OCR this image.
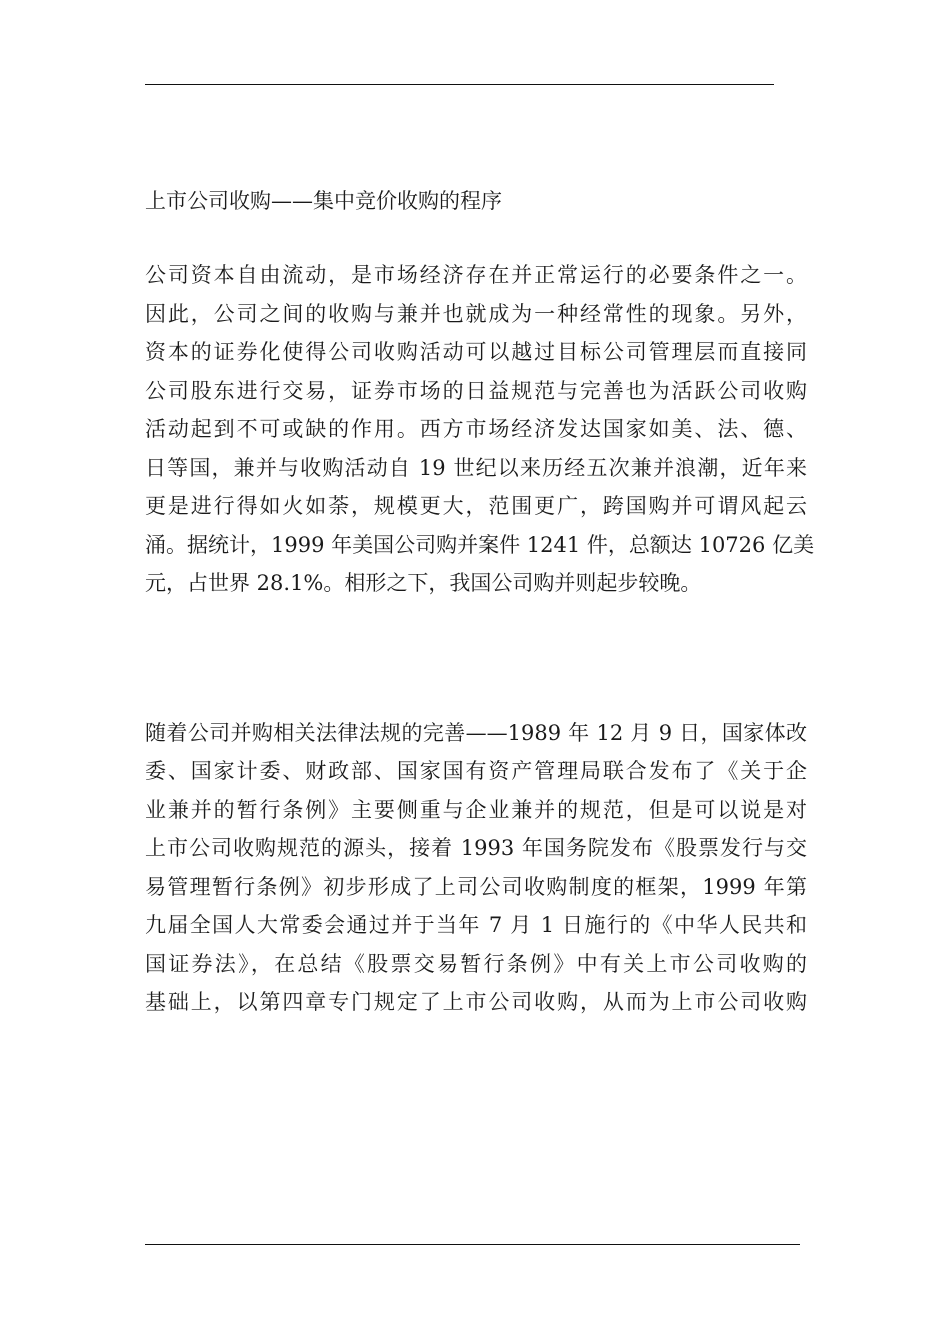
上市公司收购——集中竞价收购的程序
公司资本自由流动，是市场经济存在并正常运行的必要条件之一。
因此，公司之间的收购与兼并也就成为一种经常性的现象。另外，
资本的证券化使得公司收购活动可以越过目标公司管理层而直接同
公司股东进行交易，证券市场的日益规范与完善也为活跃公司收购
活动起到不可或缺的作用。西方市场经济发达国家如美、法、德、
日等国，兼并与收购活动自 19 世纪以来历经五次兼并浪潮，近年来
更是进行得如火如荼，规模更大，范围更广，跨国购并可谓风起云
涌。据统计，1999 年美国公司购并案件 1241 件，总额达 10726 亿美
元，占世界 28.1%。相形之下，我国公司购并则起步较晚。
随着公司并购相关法律法规的完善——1989 年 12 月 9 日，国家体改
委、国家计委、财政部、国家国有资产管理局联合发布了《关于企
业兼并的暂行条例》主要侧重与企业兼并的规范，但是可以说是对
上市公司收购规范的源头，接着 1993 年国务院发布《股票发行与交
易管理暂行条例》初步形成了上司公司收购制度的框架，1999 年第
九届全国人大常委会通过并于当年 7 月 1 日施行的《中华人民共和
国证券法》，在总结《股票交易暂行条例》中有关上市公司收购的
基础上，以第四章专门规定了上市公司收购，从而为上市公司收购
